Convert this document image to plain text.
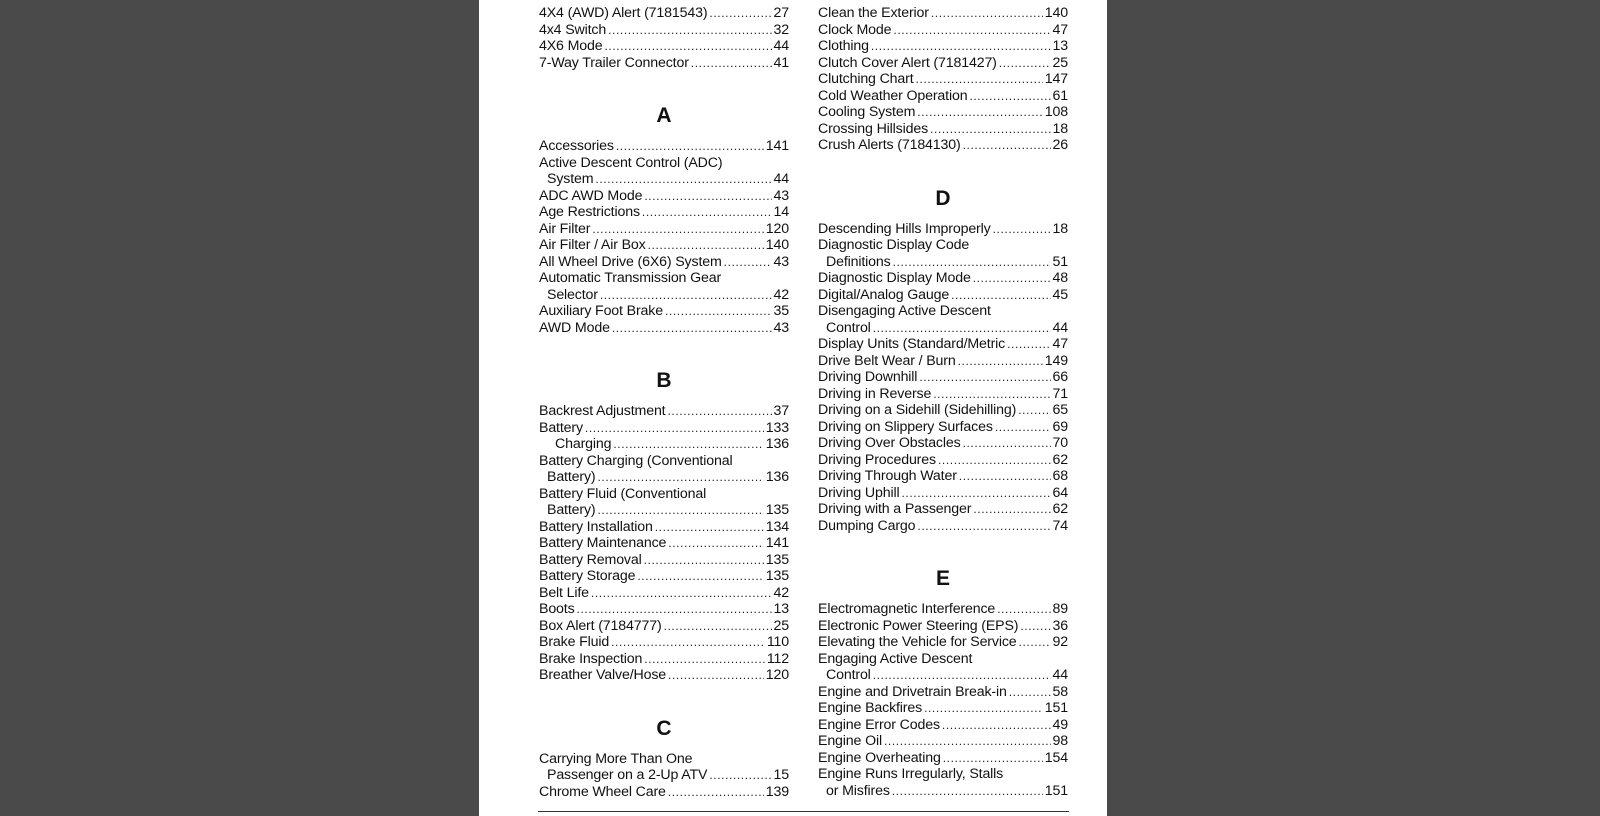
4X4 (AWD) Alert (7181543) .....	27
4x4 Switch .....	32
4X6 Mode .....	44
7-Way Trailer Connector .....	41
A
Accessories .....	141
Active Descent Control (ADC)
System .....	44
ADC AWD Mode .....	43
Age Restrictions .....	14
Air Filter .....	120
Air Filter / Air Box .....	140
All Wheel Drive (6X6) System .....	43
Automatic Transmission Gear
Selector .....	42
Auxiliary Foot Brake .....	35
AWD Mode .....	43
B
Backrest Adjustment .....	37
Battery .....	133
Charging .....	136
Battery Charging (Conventional
Battery) .....	136
Battery Fluid (Conventional
Battery) .....	135
Battery Installation .....	134
Battery Maintenance .....	141
Battery Removal .....	135
Battery Storage .....	135
Belt Life .....	42
Boots .....	13
Box Alert (7184777) .....	25
Brake Fluid .....	110
Brake Inspection .....	112
Breather Valve/Hose .....	120
C
Carrying More Than One
Passenger on a 2-Up ATV .....	15
Chrome Wheel Care .....	139
Clean the Exterior .....	140
Clock Mode .....	47
Clothing .....	13
Clutch Cover Alert (7181427) .....	25
Clutching Chart .....	147
Cold Weather Operation .....	61
Cooling System .....	108
Crossing Hillsides .....	18
Crush Alerts (7184130) .....	26
D
Descending Hills Improperly .....	18
Diagnostic Display Code
Definitions .....	51
Diagnostic Display Mode .....	48
Digital/Analog Gauge .....	45
Disengaging Active Descent
Control .....	44
Display Units (Standard/Metric .....	47
Drive Belt Wear / Burn .....	149
Driving Downhill .....	66
Driving in Reverse .....	71
Driving on a Sidehill (Sidehilling) .....	65
Driving on Slippery Surfaces .....	69
Driving Over Obstacles .....	70
Driving Procedures .....	62
Driving Through Water .....	68
Driving Uphill .....	64
Driving with a Passenger .....	62
Dumping Cargo .....	74
E
Electromagnetic Interference .....	89
Electronic Power Steering (EPS) ..... 36
Elevating the Vehicle for Service .....	92
Engaging Active Descent
Control .....	44
Engine and Drivetrain Break-in .....	58
Engine Backfires .....	151
Engine Error Codes .....	49
Engine Oil .....	98
Engine Overheating .....	154
Engine Runs Irregularly, Stalls
or Misfires .....	151
